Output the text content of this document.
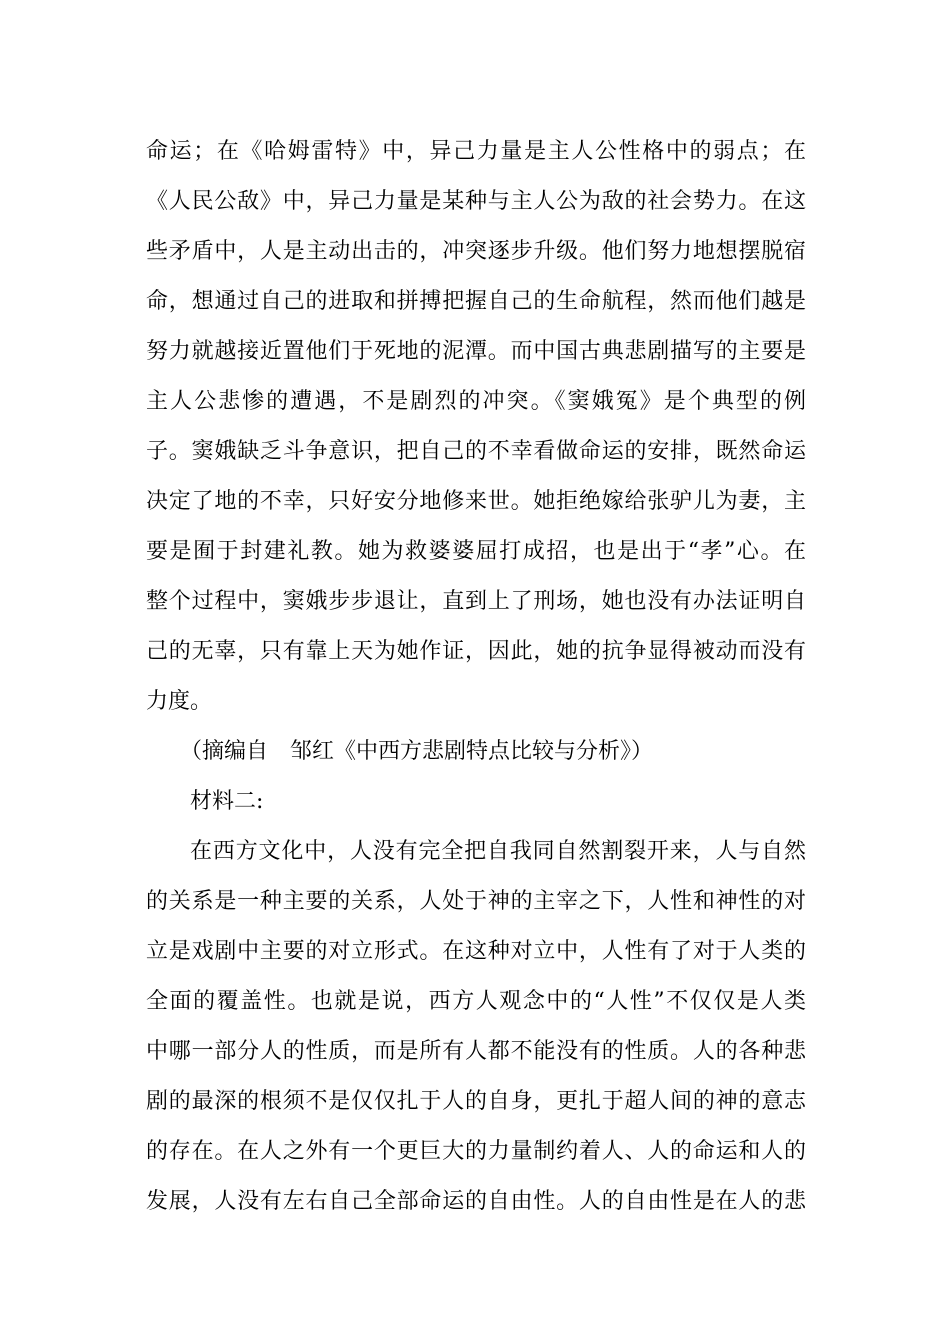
命运；在《哈姆雷特》中，异己力量是主人公性格中的弱点；在
《人民公敌》中，异己力量是某种与主人公为敌的社会势力。在这
些矛盾中，人是主动出击的，冲突逐步升级。他们努力地想摆脱宿
命，想通过自己的进取和拼搏把握自己的生命航程，然而他们越是
努力就越接近置他们于死地的泥潭。而中国古典悲剧描写的主要是
主人公悲惨的遭遇，不是剧烈的冲突。《窦娥冤》是个典型的例
子。窦娥缺乏斗争意识，把自己的不幸看做命运的安排，既然命运
决定了地的不幸，只好安分地修来世。她拒绝嫁给张驴儿为妻，主
要是囿于封建礼教。她为救婆婆屈打成招，也是出于“孝”心。在
整个过程中，窦娥步步退让，直到上了刑场，她也没有办法证明自
己的无辜，只有靠上天为她作证，因此，她的抗争显得被动而没有
力度。
（摘编自　邹红《中西方悲剧特点比较与分析》）
材料二:
在西方文化中，人没有完全把自我同自然割裂开来，人与自然
的关系是一种主要的关系，人处于神的主宰之下，人性和神性的对
立是戏剧中主要的对立形式。在这种对立中，人性有了对于人类的
全面的覆盖性。也就是说，西方人观念中的“人性”不仅仅是人类
中哪一部分人的性质，而是所有人都不能没有的性质。人的各种悲
剧的最深的根须不是仅仅扎于人的自身，更扎于超人间的神的意志
的存在。在人之外有一个更巨大的力量制约着人、人的命运和人的
发展，人没有左右自己全部命运的自由性。人的自由性是在人的悲
